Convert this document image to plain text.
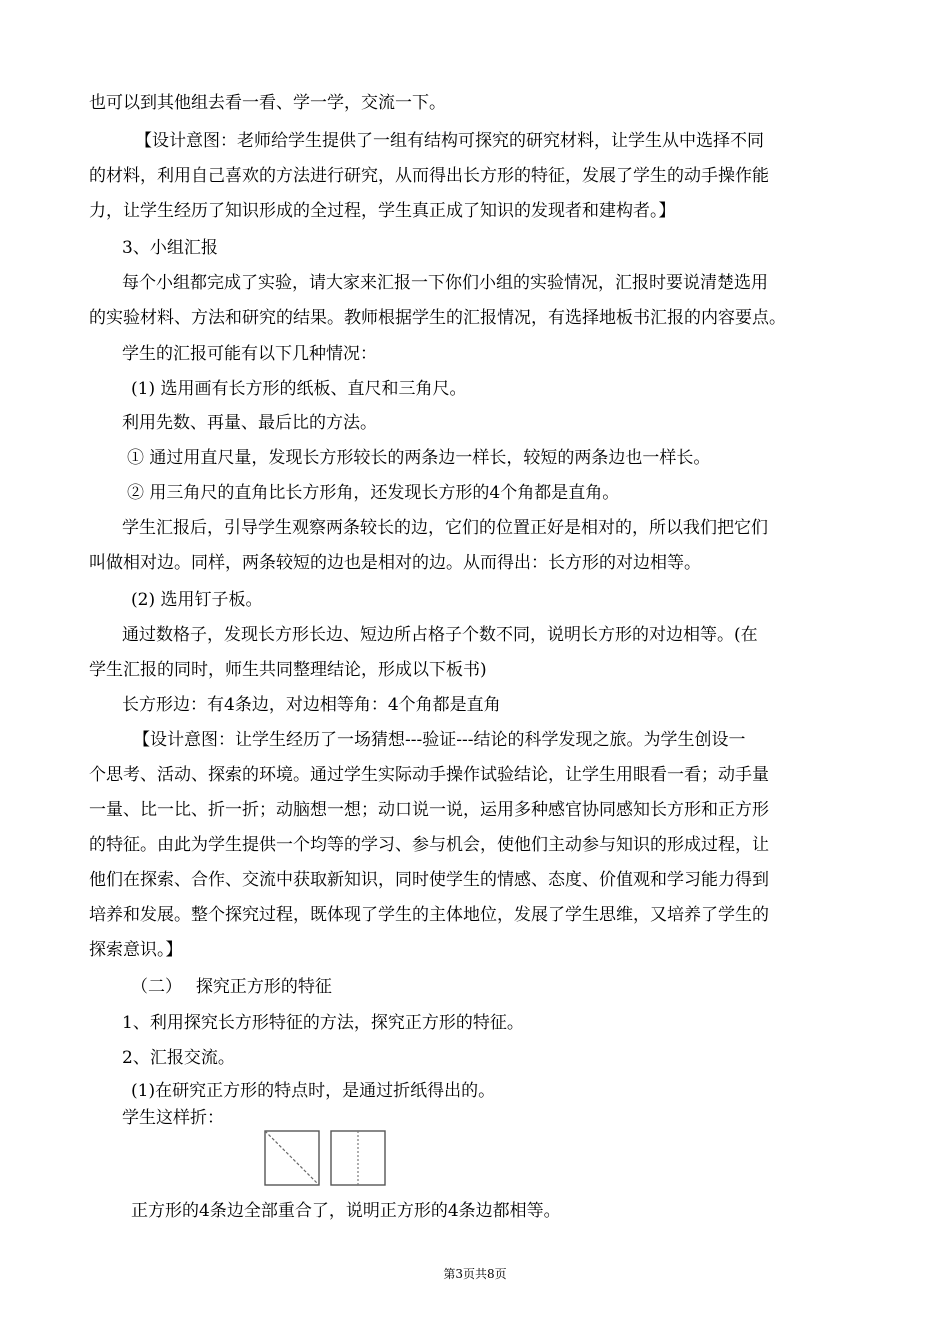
也可以到其他组去看一看、学一学，交流一下。
【设计意图：老师给学生提供了一组有结构可探究的研究材料，让学生从中选择不同
的材料，利用自己喜欢的方法进行研究，从而得出长方形的特征，发展了学生的动手操作能
力，让学生经历了知识形成的全过程，学生真正成了知识的发现者和建构者。】
3、小组汇报
每个小组都完成了实验，请大家来汇报一下你们小组的实验情况，汇报时要说清楚选用
的实验材料、方法和研究的结果。教师根据学生的汇报情况，有选择地板书汇报的内容要点。
学生的汇报可能有以下几种情况：
(1) 选用画有长方形的纸板、直尺和三角尺。
利用先数、再量、最后比的方法。
① 通过用直尺量，发现长方形较长的两条边一样长，较短的两条边也一样长。
② 用三角尺的直角比长方形角，还发现长方形的4个角都是直角。
学生汇报后，引导学生观察两条较长的边，它们的位置正好是相对的，所以我们把它们
叫做相对边。同样，两条较短的边也是相对的边。从而得出：长方形的对边相等。
(2) 选用钉子板。
通过数格子，发现长方形长边、短边所占格子个数不同，说明长方形的对边相等。(在
学生汇报的同时，师生共同整理结论，形成以下板书)
长方形边：有4条边，对边相等角：4个角都是直角
【设计意图：让学生经历了一场猜想---验证---结论的科学发现之旅。为学生创设一
个思考、活动、探索的环境。通过学生实际动手操作试验结论，让学生用眼看一看；动手量
一量、比一比、折一折；动脑想一想；动口说一说，运用多种感官协同感知长方形和正方形
的特征。由此为学生提供一个均等的学习、参与机会，使他们主动参与知识的形成过程，让
他们在探索、合作、交流中获取新知识，同时使学生的情感、态度、价值观和学习能力得到
培养和发展。整个探究过程，既体现了学生的主体地位，发展了学生思维，又培养了学生的
探索意识。】
（二）　 探究正方形的特征
1、利用探究长方形特征的方法，探究正方形的特征。
2、汇报交流。
(1)在研究正方形的特点时，是通过折纸得出的。
学生这样折：
正方形的4条边全部重合了，说明正方形的4条边都相等。
第3页共8页
